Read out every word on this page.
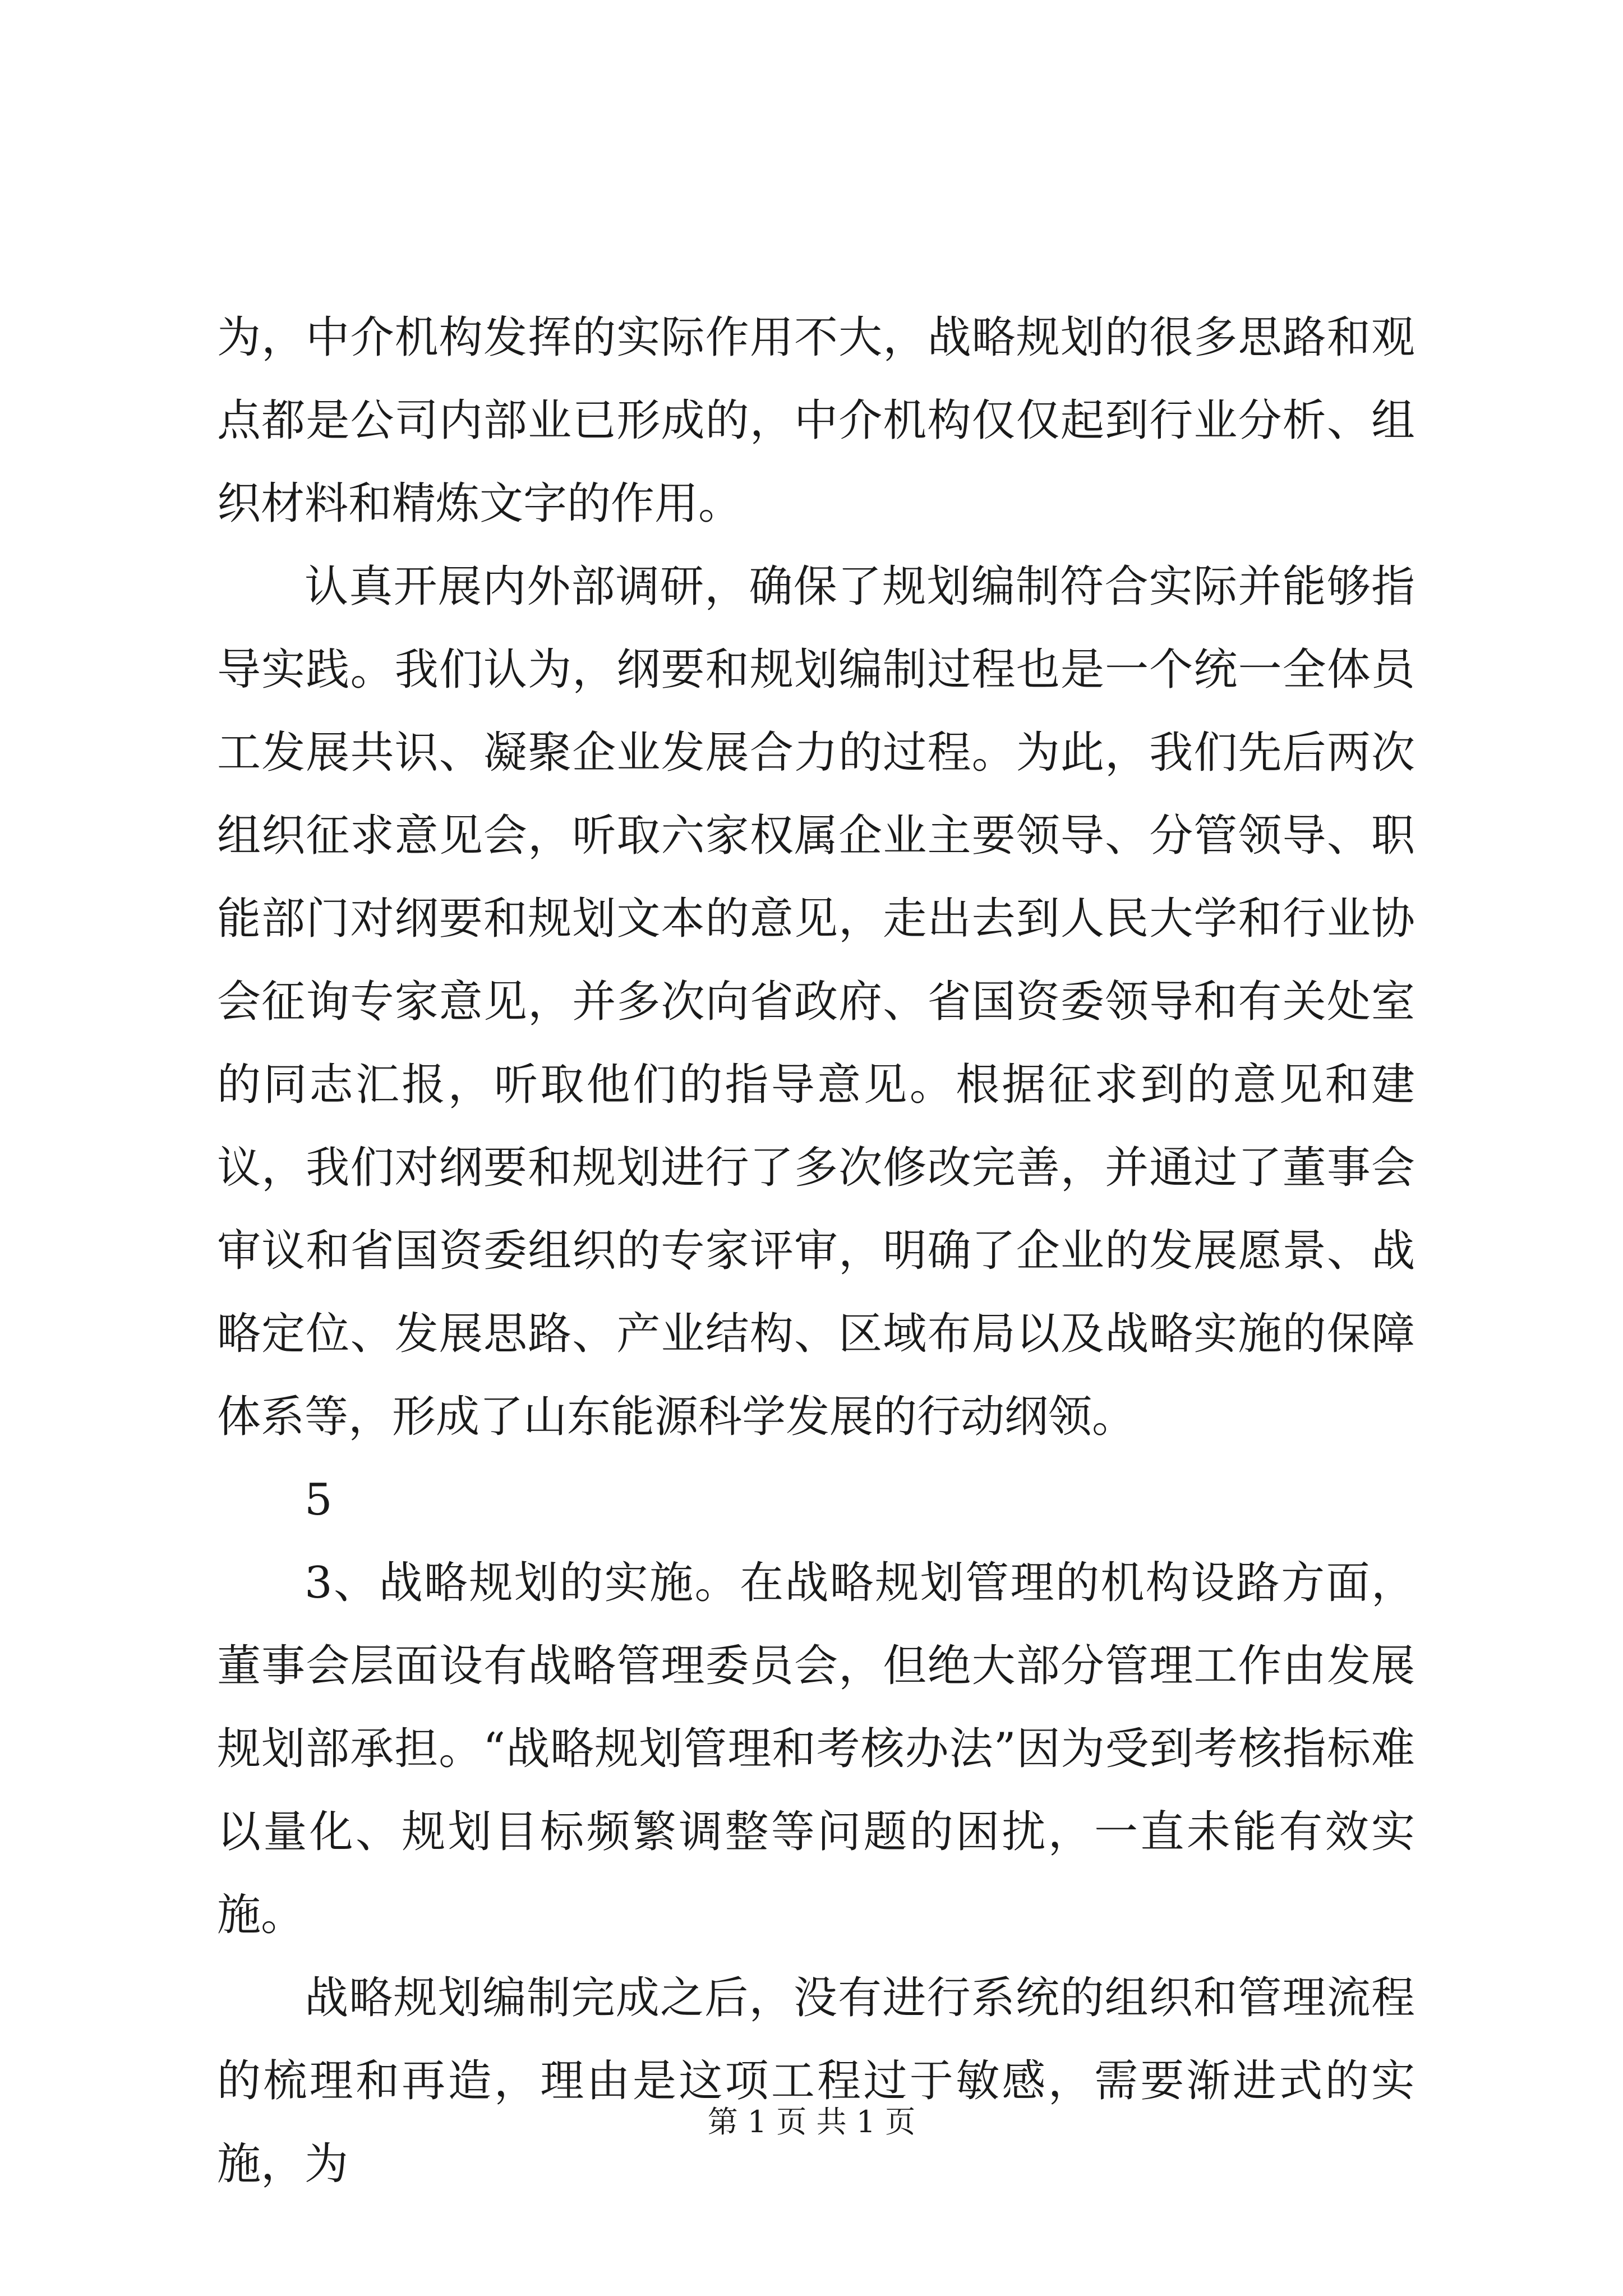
为，中介机构发挥的实际作用不大，战略规划的很多思路和观点都是公司内部业已形成的，中介机构仅仅起到行业分析、组织材料和精炼文字的作用。

认真开展内外部调研，确保了规划编制符合实际并能够指导实践。我们认为，纲要和规划编制过程也是一个统一全体员工发展共识、凝聚企业发展合力的过程。为此，我们先后两次组织征求意见会，听取六家权属企业主要领导、分管领导、职能部门对纲要和规划文本的意见，走出去到人民大学和行业协会征询专家意见，并多次向省政府、省国资委领导和有关处室的同志汇报，听取他们的指导意见。根据征求到的意见和建议，我们对纲要和规划进行了多次修改完善，并通过了董事会审议和省国资委组织的专家评审，明确了企业的发展愿景、战略定位、发展思路、产业结构、区域布局以及战略实施的保障体系等，形成了山东能源科学发展的行动纲领。

5

3、战略规划的实施。在战略规划管理的机构设路方面，董事会层面设有战略管理委员会，但绝大部分管理工作由发展规划部承担。“战略规划管理和考核办法”因为受到考核指标难以量化、规划目标频繁调整等问题的困扰，一直未能有效实施。

战略规划编制完成之后，没有进行系统的组织和管理流程的梳理和再造，理由是这项工程过于敏感，需要渐进式的实施，为

第 1 页 共 1 页
